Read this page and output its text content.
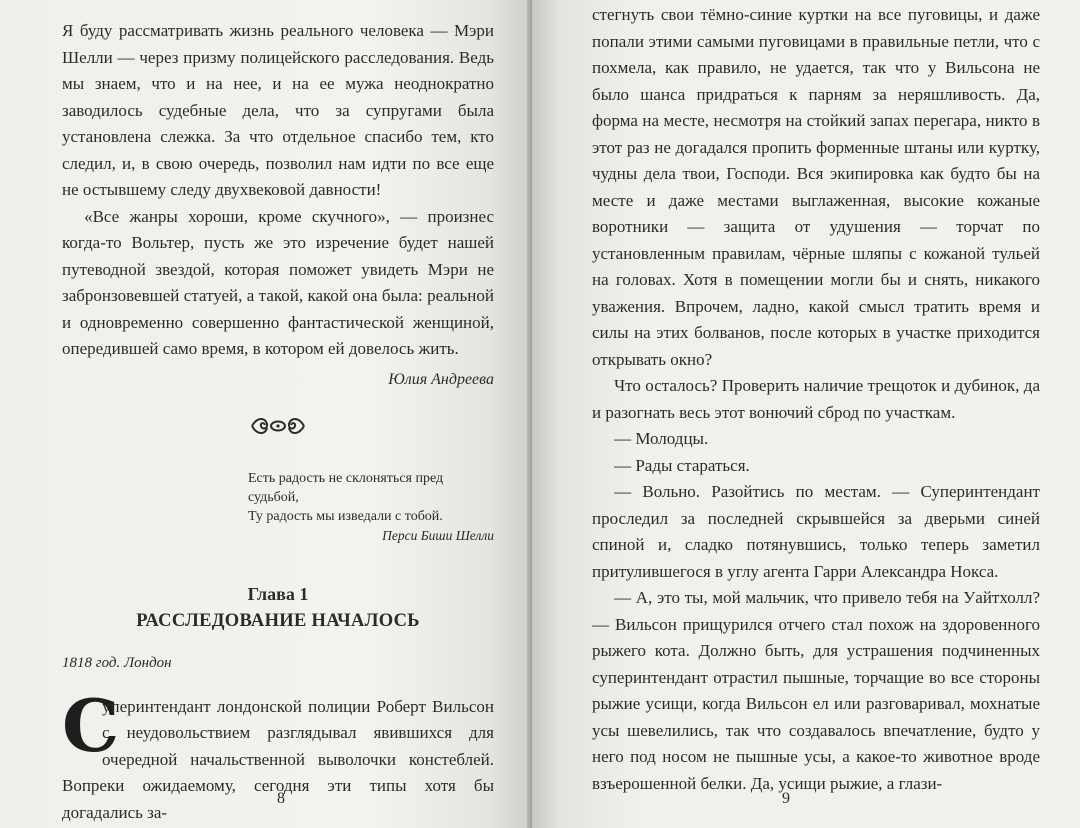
Я буду рассматривать жизнь реального человека — Мэри Шелли — через призму полицейского расследования. Ведь мы знаем, что и на нее, и на ее мужа неоднократно заводилось судебные дела, что за супругами была установлена слежка. За что отдельное спасибо тем, кто следил, и, в свою очередь, позволил нам идти по все еще не остывшему следу двухвековой давности!

«Все жанры хороши, кроме скучного», — произнес когда-то Вольтер, пусть же это изречение будет нашей путеводной звездой, которая поможет увидеть Мэри не забронзовевшей статуей, а такой, какой она была: реальной и одновременно совершенно фантастической женщиной, опередившей само время, в котором ей довелось жить.

Юлия Андреева
Есть радость не склоняться пред судьбой,
Ту радость мы изведали с тобой.
Перси Биши Шелли
Глава 1
РАССЛЕДОВАНИЕ НАЧАЛОСЬ
1818 год. Лондон
С

уперинтендант лондонской полиции Роберт Вильсон с неудовольствием разглядывал явившихся для очередной начальственной выволочки констеблей. Вопреки ожидаемому, сегодня эти типы хотя бы догадались за-

8

стегнуть свои тёмно-синие куртки на все пуговицы, и даже попали этими самыми пуговицами в правильные петли, что с похмела, как правило, не удается, так что у Вильсона не было шанса придраться к парням за неряшливость. Да, форма на месте, несмотря на стойкий запах перегара, никто в этот раз не догадался пропить форменные штаны или куртку, чудны дела твои, Господи. Вся экипировка как будто бы на месте и даже местами выглаженная, высокие кожаные воротники — защита от удушения — торчат по установленным правилам, чёрные шляпы с кожаной тульей на головах. Хотя в помещении могли бы и снять, никакого уважения. Впрочем, ладно, какой смысл тратить время и силы на этих болванов, после которых в участке приходится открывать окно?

Что осталось? Проверить наличие трещоток и дубинок, да и разогнать весь этот вонючий сброд по участкам.

— Молодцы.

— Рады стараться.

— Вольно. Разойтись по местам. — Суперинтендант проследил за последней скрывшейся за дверьми синей спиной и, сладко потянувшись, только теперь заметил притулившегося в углу агента Гарри Александра Нокса.

— А, это ты, мой мальчик, что привело тебя на Уайтхолл? — Вильсон прищурился отчего стал похож на здоровенного рыжего кота. Должно быть, для устрашения подчиненных суперинтендант отрастил пышные, торчащие во все стороны рыжие усищи, когда Вильсон ел или разговаривал, мохнатые усы шевелились, так что создавалось впечатление, будто у него под носом не пышные усы, а какое-то животное вроде взъерошенной белки. Да, усищи рыжие, а глази-

9
